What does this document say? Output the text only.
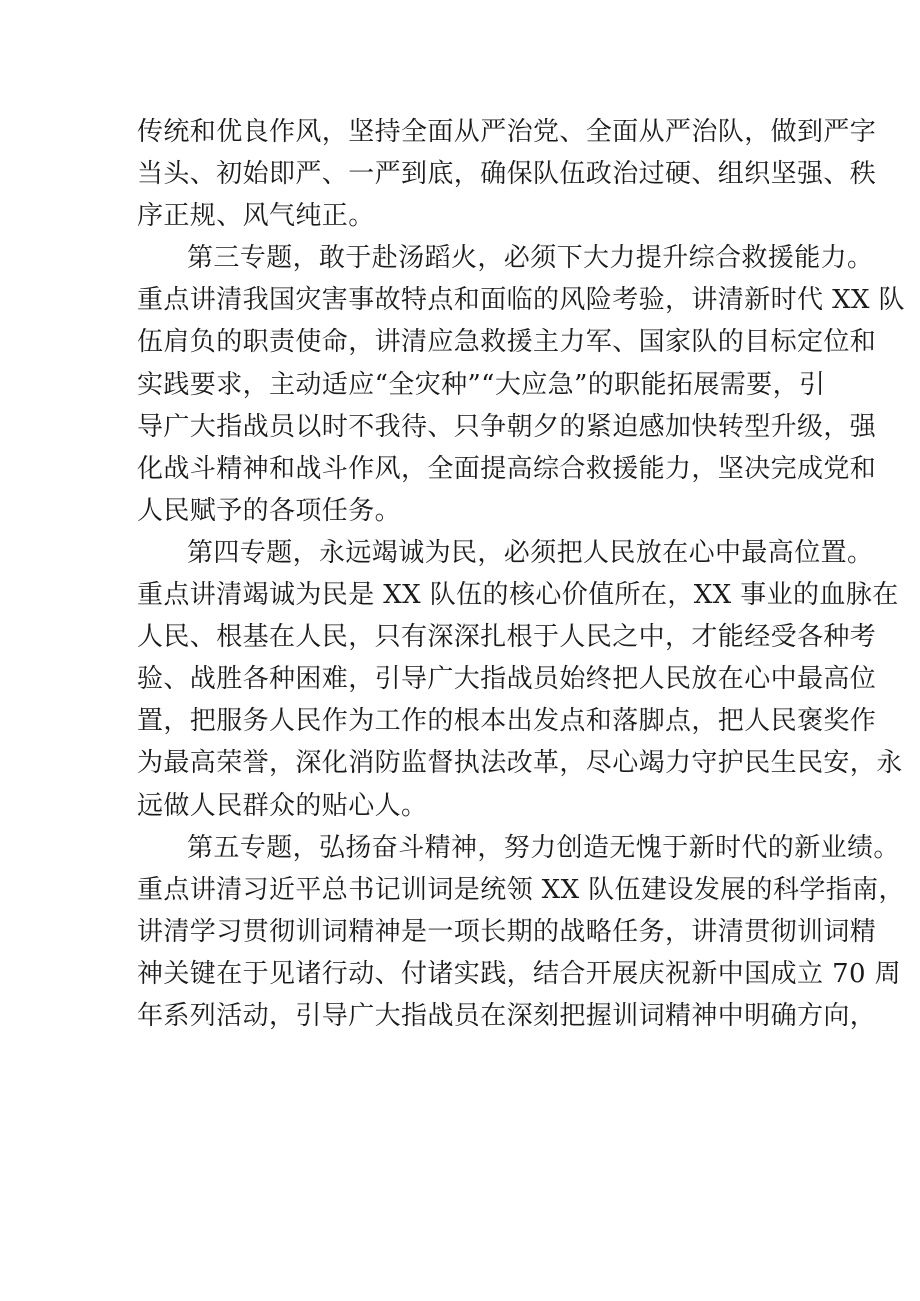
传统和优良作风，坚持全面从严治党、全面从严治队，做到严字
当头、初始即严、一严到底，确保队伍政治过硬、组织坚强、秩
序正规、风气纯正。
第三专题，敢于赴汤蹈火，必须下大力提升综合救援能力。
重点讲清我国灾害事故特点和面临的风险考验，讲清新时代 XX 队
伍肩负的职责使命，讲清应急救援主力军、国家队的目标定位和
实践要求，主动适应“全灾种”“大应急”的职能拓展需要，引
导广大指战员以时不我待、只争朝夕的紧迫感加快转型升级，强
化战斗精神和战斗作风，全面提高综合救援能力，坚决完成党和
人民赋予的各项任务。
第四专题，永远竭诚为民，必须把人民放在心中最高位置。
重点讲清竭诚为民是 XX 队伍的核心价值所在，XX 事业的血脉在
人民、根基在人民，只有深深扎根于人民之中，才能经受各种考
验、战胜各种困难，引导广大指战员始终把人民放在心中最高位
置，把服务人民作为工作的根本出发点和落脚点，把人民褒奖作
为最高荣誉，深化消防监督执法改革，尽心竭力守护民生民安，永
远做人民群众的贴心人。
第五专题，弘扬奋斗精神，努力创造无愧于新时代的新业绩。
重点讲清习近平总书记训词是统领 XX 队伍建设发展的科学指南，
讲清学习贯彻训词精神是一项长期的战略任务，讲清贯彻训词精
神关键在于见诸行动、付诸实践，结合开展庆祝新中国成立 70 周
年系列活动，引导广大指战员在深刻把握训词精神中明确方向，
